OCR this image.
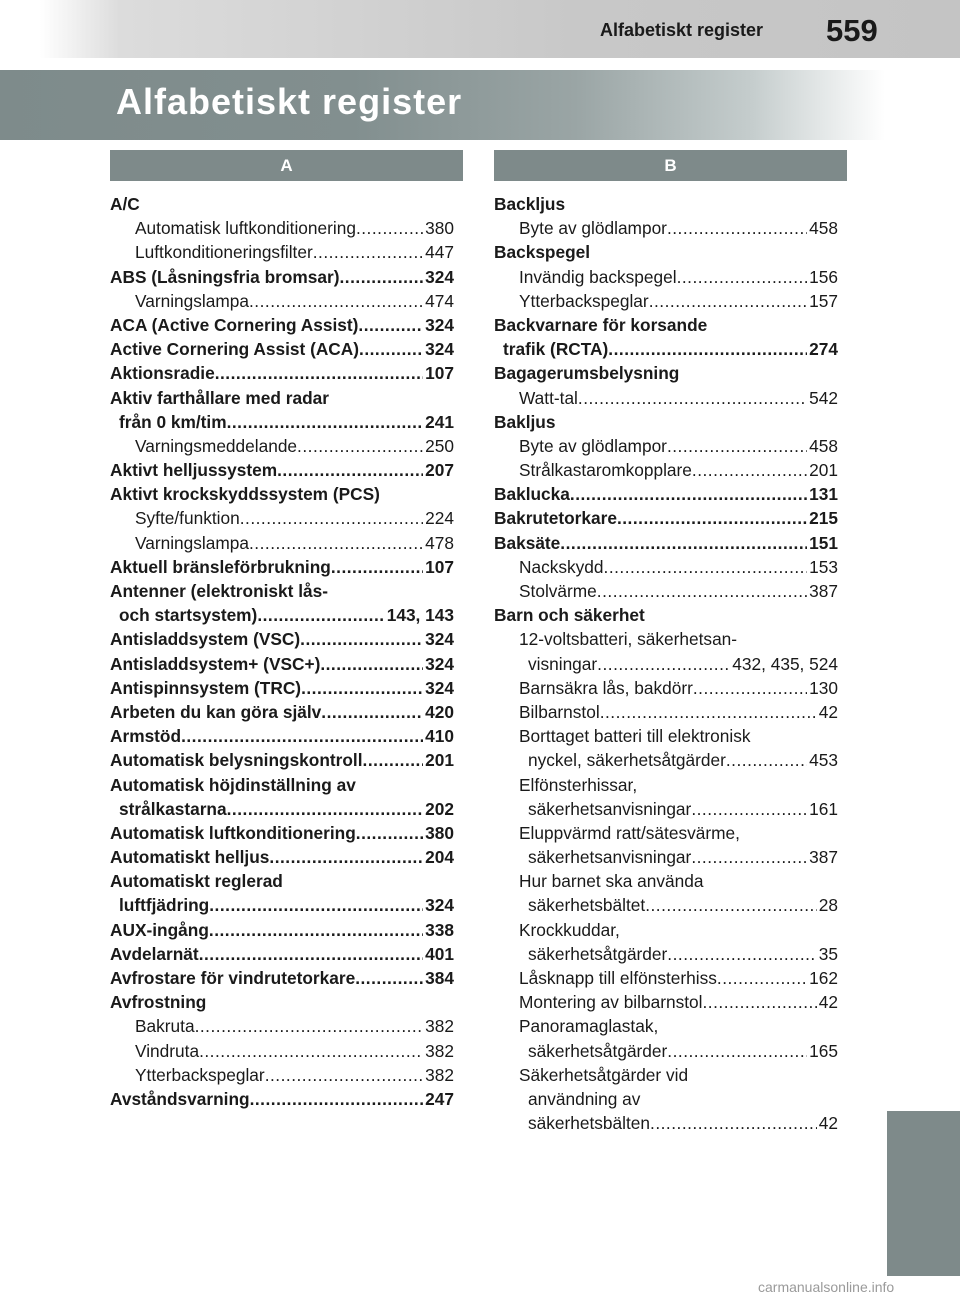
Alfabetiskt register 559
Alfabetiskt register
A	B
A/C
Automatisk luftkonditionering .....	380
Luftkonditioneringsfilter .....	447
ABS (Låsningsfria bromsar) .....	324
Varningslampa .....	474
ACA (Active Cornering Assist) .....	324
Active Cornering Assist (ACA) .....	324
Aktionsradie .....	107
Aktiv farthållare med radar
från 0 km/tim .....	241
Varningsmeddelande .....	250
Aktivt helljussystem .....	207
Aktivt krockskyddssystem (PCS)
Syfte/funktion .....	224
Varningslampa .....	478
Aktuell bränsleförbrukning .....	107
Antenner (elektroniskt lås-
och startsystem) .....	143, 143
Antisladdsystem (VSC) .....	324
Antisladdsystem+ (VSC+) .....	324
Antispinnsystem (TRC) .....	324
Arbeten du kan göra själv .....	420
Armstöd .....	410
Automatisk belysningskontroll .....	201
Automatisk höjdinställning av
strålkastarna .....	202
Automatisk luftkonditionering .....	380
Automatiskt helljus .....	204
Automatiskt reglerad
luftfjädring .....	324
AUX-ingång .....	338
Avdelarnät .....	401
Avfrostare för vindrutetorkare .....	384
Avfrostning
Bakruta .....	382
Vindruta .....	382
Ytterbackspeglar .....	382
Avståndsvarning .....	247
Backljus
Byte av glödlampor .....	458
Backspegel
Invändig backspegel .....	156
Ytterbackspeglar .....	157
Backvarnare för korsande
trafik (RCTA) .....	274
Bagagerumsbelysning
Watt-tal .....	542
Bakljus
Byte av glödlampor .....	458
Strålkastaromkopplare .....	201
Baklucka .....	131
Bakrutetorkare .....	215
Baksäte .....	151
Nackskydd .....	153
Stolvärme .....	387
Barn och säkerhet
12-voltsbatteri, säkerhetsan-
visningar .....	432, 435, 524
Barnsäkra lås, bakdörr .....	130
Bilbarnstol .....	42
Borttaget batteri till elektronisk
nyckel, säkerhetsåtgärder .....	453
Elfönsterhissar,
säkerhetsanvisningar .....	161
Eluppvärmd ratt/sätesvärme,
säkerhetsanvisningar .....	387
Hur barnet ska använda
säkerhetsbältet .....	28
Krockkuddar,
säkerhetsåtgärder .....	35
Låsknapp till elfönsterhiss .....	162
Montering av bilbarnstol .....	42
Panoramaglastak,
säkerhetsåtgärder .....	165
Säkerhetsåtgärder vid
användning av
säkerhetsbälten .....	42
carmanualsonline.info
